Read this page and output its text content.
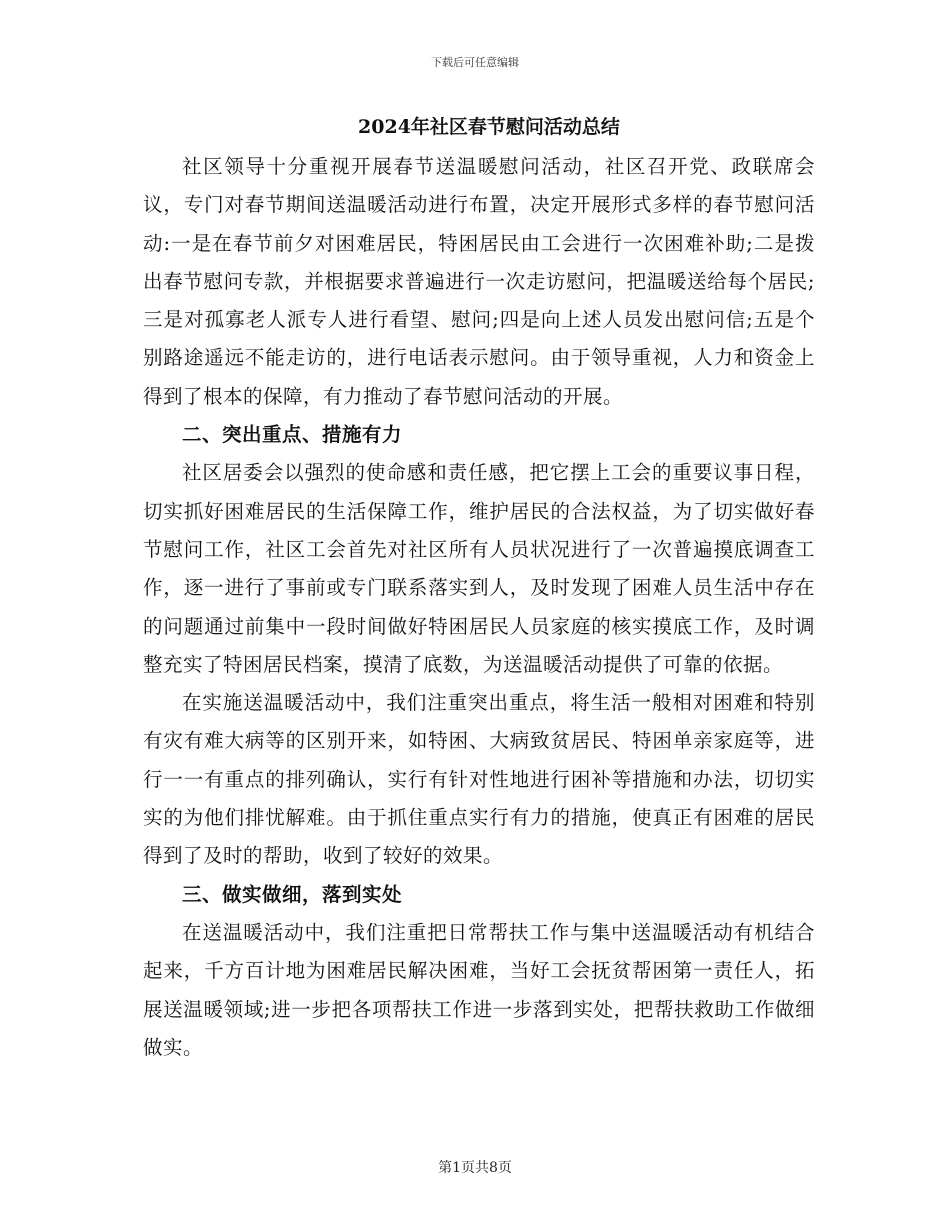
下载后可任意编辑
2024年社区春节慰问活动总结

社区领导十分重视开展春节送温暖慰问活动，社区召开党、政联席会议，专门对春节期间送温暖活动进行布置，决定开展形式多样的春节慰问活动:一是在春节前夕对困难居民，特困居民由工会进行一次困难补助;二是拨出春节慰问专款，并根据要求普遍进行一次走访慰问，把温暖送给每个居民;三是对孤寡老人派专人进行看望、慰问;四是向上述人员发出慰问信;五是个别路途遥远不能走访的，进行电话表示慰问。由于领导重视，人力和资金上得到了根本的保障，有力推动了春节慰问活动的开展。

二、突出重点、措施有力

社区居委会以强烈的使命感和责任感，把它摆上工会的重要议事日程，切实抓好困难居民的生活保障工作，维护居民的合法权益，为了切实做好春节慰问工作，社区工会首先对社区所有人员状况进行了一次普遍摸底调查工作，逐一进行了事前或专门联系落实到人，及时发现了困难人员生活中存在的问题通过前集中一段时间做好特困居民人员家庭的核实摸底工作，及时调整充实了特困居民档案，摸清了底数，为送温暖活动提供了可靠的依据。

在实施送温暖活动中，我们注重突出重点，将生活一般相对困难和特别有灾有难大病等的区别开来，如特困、大病致贫居民、特困单亲家庭等，进行一一有重点的排列确认，实行有针对性地进行困补等措施和办法，切切实实的为他们排忧解难。由于抓住重点实行有力的措施，使真正有困难的居民得到了及时的帮助，收到了较好的效果。

三、做实做细，落到实处

在送温暖活动中，我们注重把日常帮扶工作与集中送温暖活动有机结合起来，千方百计地为困难居民解决困难，当好工会抚贫帮困第一责任人，拓展送温暖领域;进一步把各项帮扶工作进一步落到实处，把帮扶救助工作做细做实。

第1页共8页
